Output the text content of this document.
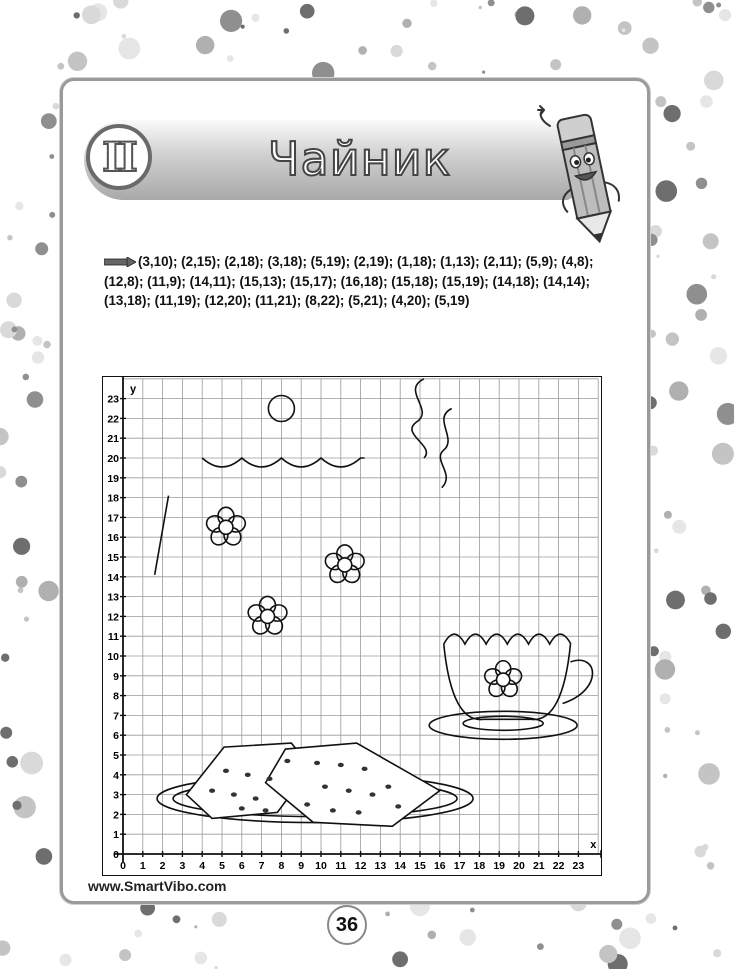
II	Чайник
(3,10); (2,15); (2,18); (3,18); (5,19); (2,19); (1,18); (1,13); (2,11); (5,9); (4,8); (12,8); (11,9); (14,11); (15,13); (15,17); (16,18); (15,18); (15,19); (14,18); (14,14); (13,18); (11,19); (12,20); (11,21); (8,22); (5,21); (4,20); (5,19)
0 1 2 3 4 5 6 7 8 9 10 11 12 13 14 15 16 17 18 19 20 21 22 23
0
1
2
3
4
5
6
7
8
9
10
11
12
13
14
15
16
17
18
19
20
21
22
23
x
y
www.SmartVibo.com
36
